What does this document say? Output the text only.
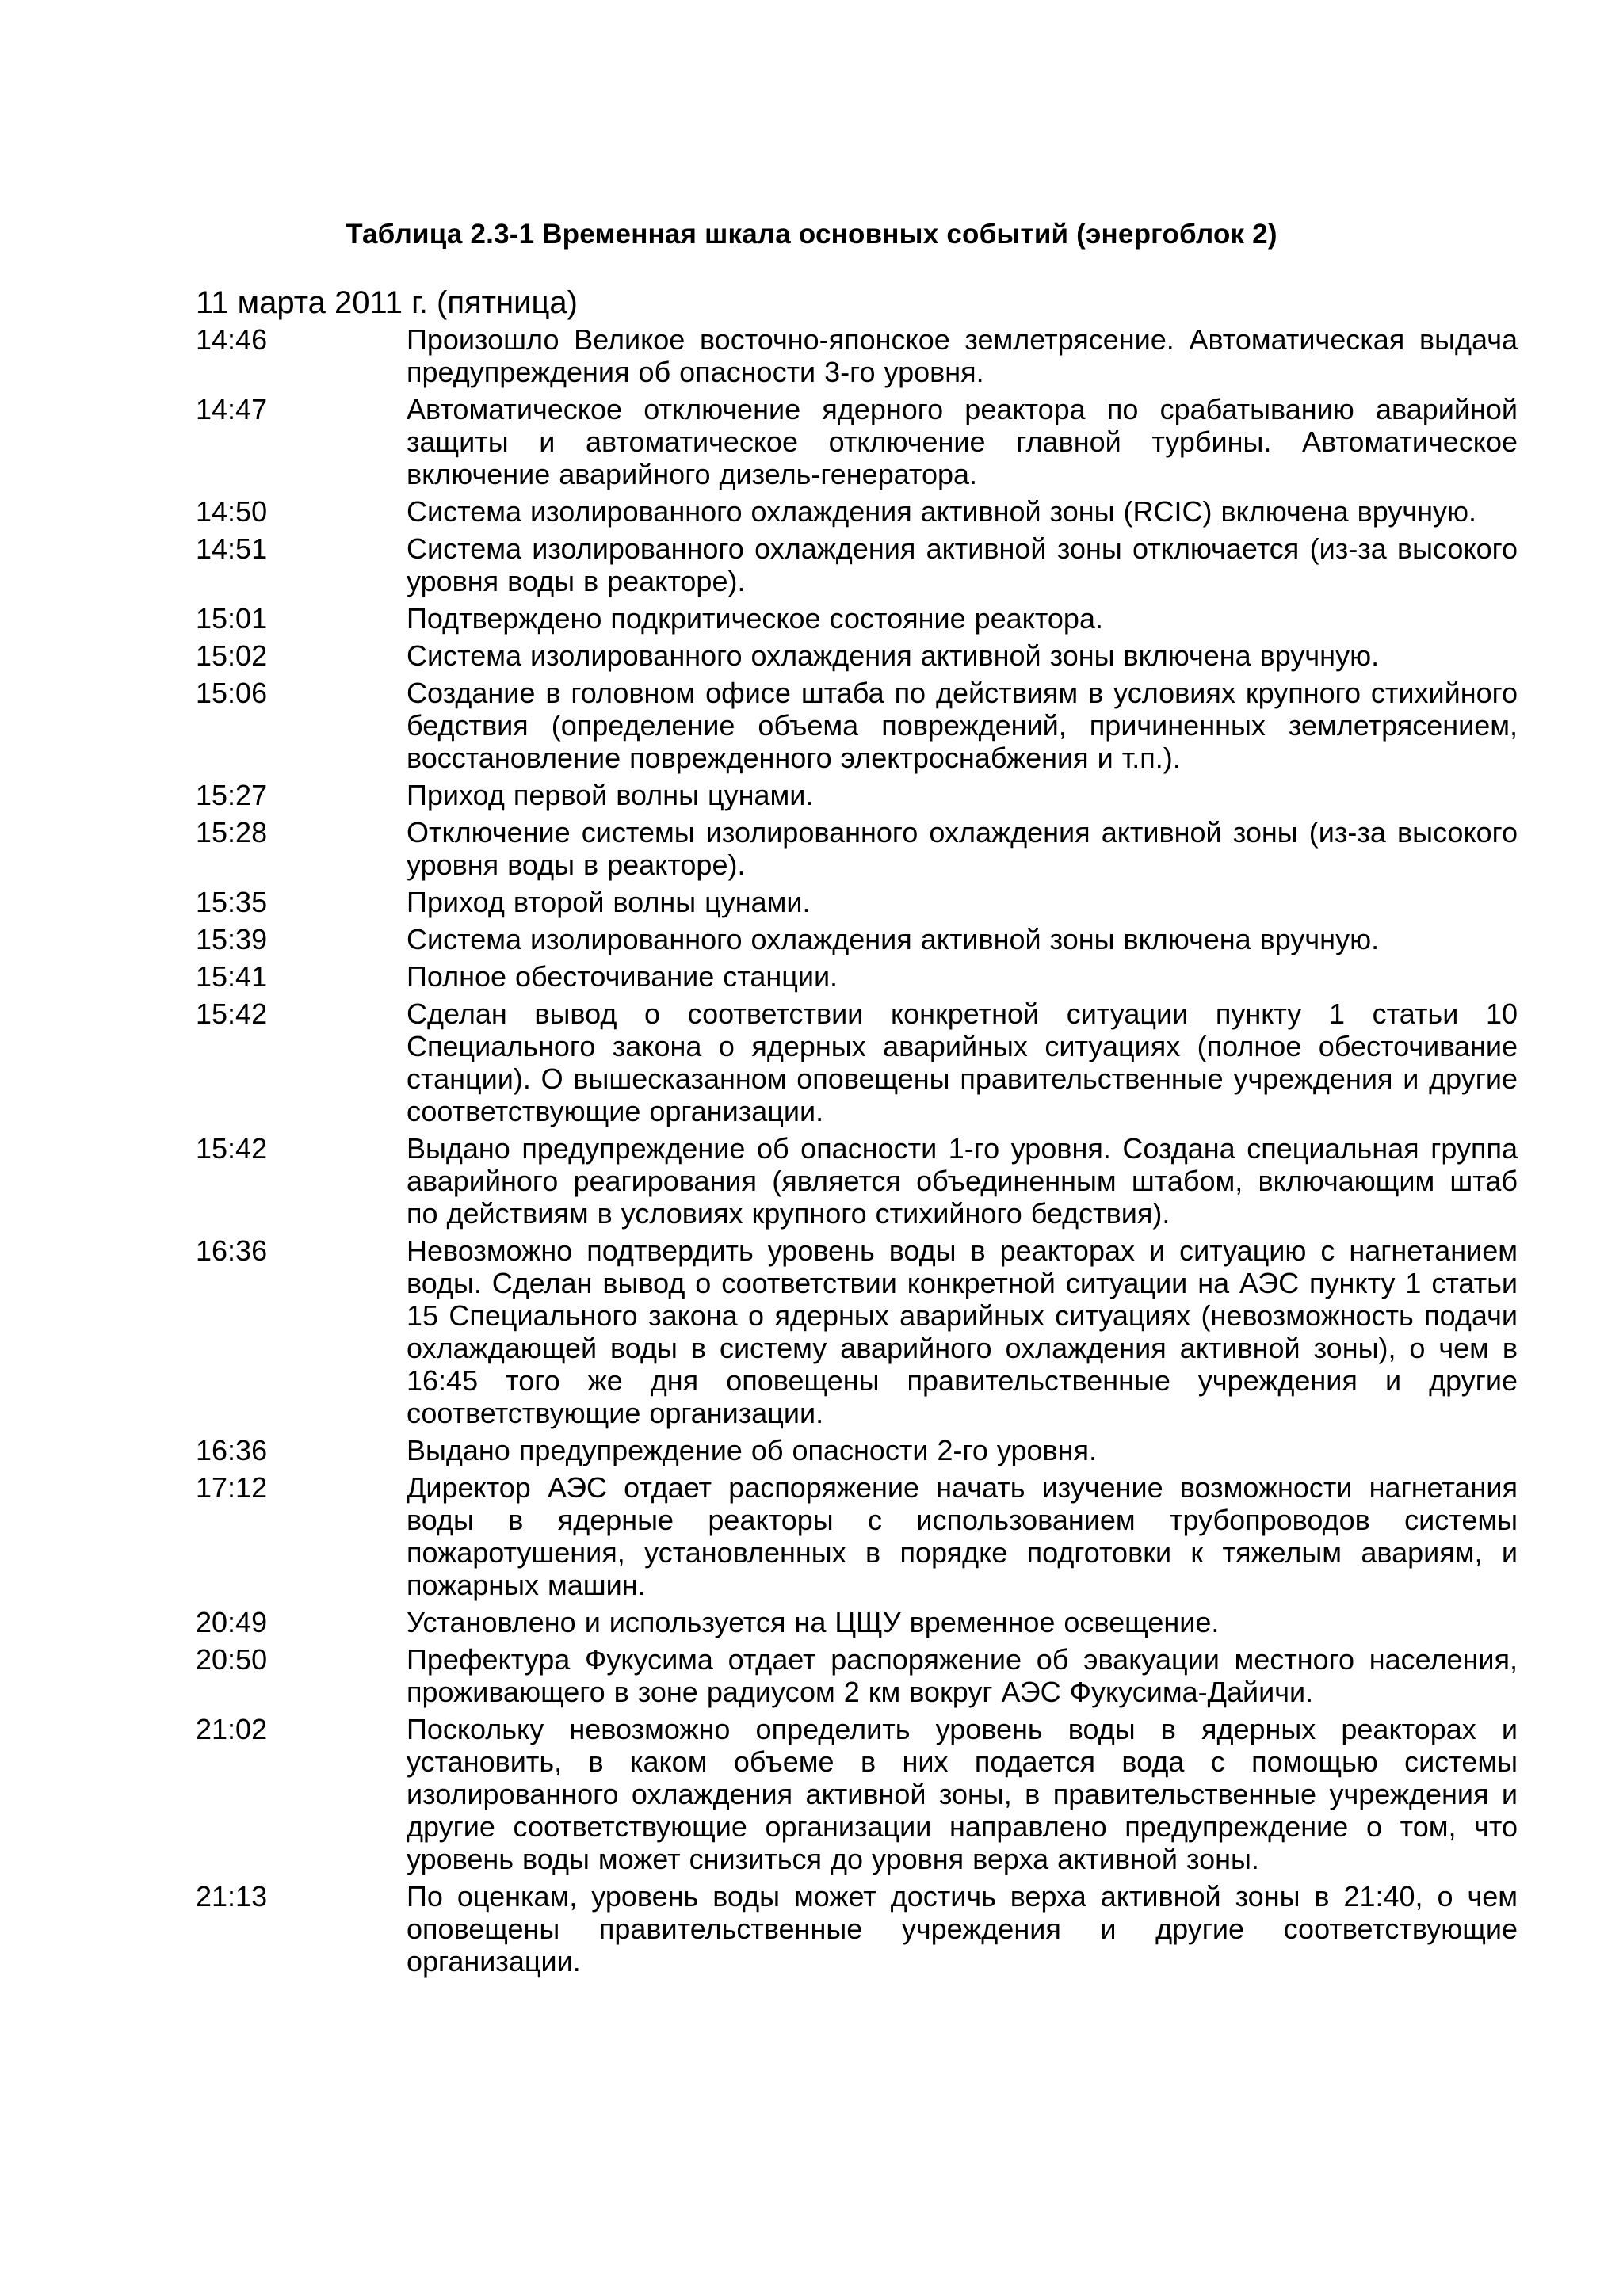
Таблица 2.3-1 Временная шкала основных событий (энергоблок 2)
11 марта 2011 г. (пятница)
14:46	Произошло Великое восточно-японское землетрясение. Автоматическая выдача предупреждения об опасности 3-го уровня.
14:47	Автоматическое отключение ядерного реактора по срабатыванию аварийной защиты и автоматическое отключение главной турбины. Автоматическое включение аварийного дизель-генератора.
14:50	Система изолированного охлаждения активной зоны (RCIC) включена вручную.
14:51	Система изолированного охлаждения активной зоны отключается (из-за высокого уровня воды в реакторе).
15:01	Подтверждено подкритическое состояние реактора.
15:02	Система изолированного охлаждения активной зоны включена вручную.
15:06	Создание в головном офисе штаба по действиям в условиях крупного стихийного бедствия (определение объема повреждений, причиненных землетрясением, восстановление поврежденного электроснабжения и т.п.).
15:27	Приход первой волны цунами.
15:28	Отключение системы изолированного охлаждения активной зоны (из-за высокого уровня воды в реакторе).
15:35	Приход второй волны цунами.
15:39	Система изолированного охлаждения активной зоны включена вручную.
15:41	Полное обесточивание станции.
15:42	Сделан вывод о соответствии конкретной ситуации пункту 1 статьи 10 Специального закона о ядерных аварийных ситуациях (полное обесточивание станции). О вышесказанном оповещены правительственные учреждения и другие соответствующие организации.
15:42	Выдано предупреждение об опасности 1-го уровня. Создана специальная группа аварийного реагирования (является объединенным штабом, включающим штаб по действиям в условиях крупного стихийного бедствия).
16:36	Невозможно подтвердить уровень воды в реакторах и ситуацию с нагнетанием воды. Сделан вывод о соответствии конкретной ситуации на АЭС пункту 1 статьи 15 Специального закона о ядерных аварийных ситуациях (невозможность подачи охлаждающей воды в систему аварийного охлаждения активной зоны), о чем в 16:45 того же дня оповещены правительственные учреждения и другие соответствующие организации.
16:36	Выдано предупреждение об опасности 2-го уровня.
17:12	Директор АЭС отдает распоряжение начать изучение возможности нагнетания воды в ядерные реакторы с использованием трубопроводов системы пожаротушения, установленных в порядке подготовки к тяжелым авариям, и пожарных машин.
20:49	Установлено и используется на ЦЩУ временное освещение.
20:50	Префектура Фукусима отдает распоряжение об эвакуации местного населения, проживающего в зоне радиусом 2 км вокруг АЭС Фукусима-Дайичи.
21:02	Поскольку невозможно определить уровень воды в ядерных реакторах и установить, в каком объеме в них подается вода с помощью системы изолированного охлаждения активной зоны, в правительственные учреждения и другие соответствующие организации направлено предупреждение о том, что уровень воды может снизиться до уровня верха активной зоны.
21:13	По оценкам, уровень воды может достичь верха активной зоны в 21:40, о чем оповещены правительственные учреждения и другие соответствующие организации.
